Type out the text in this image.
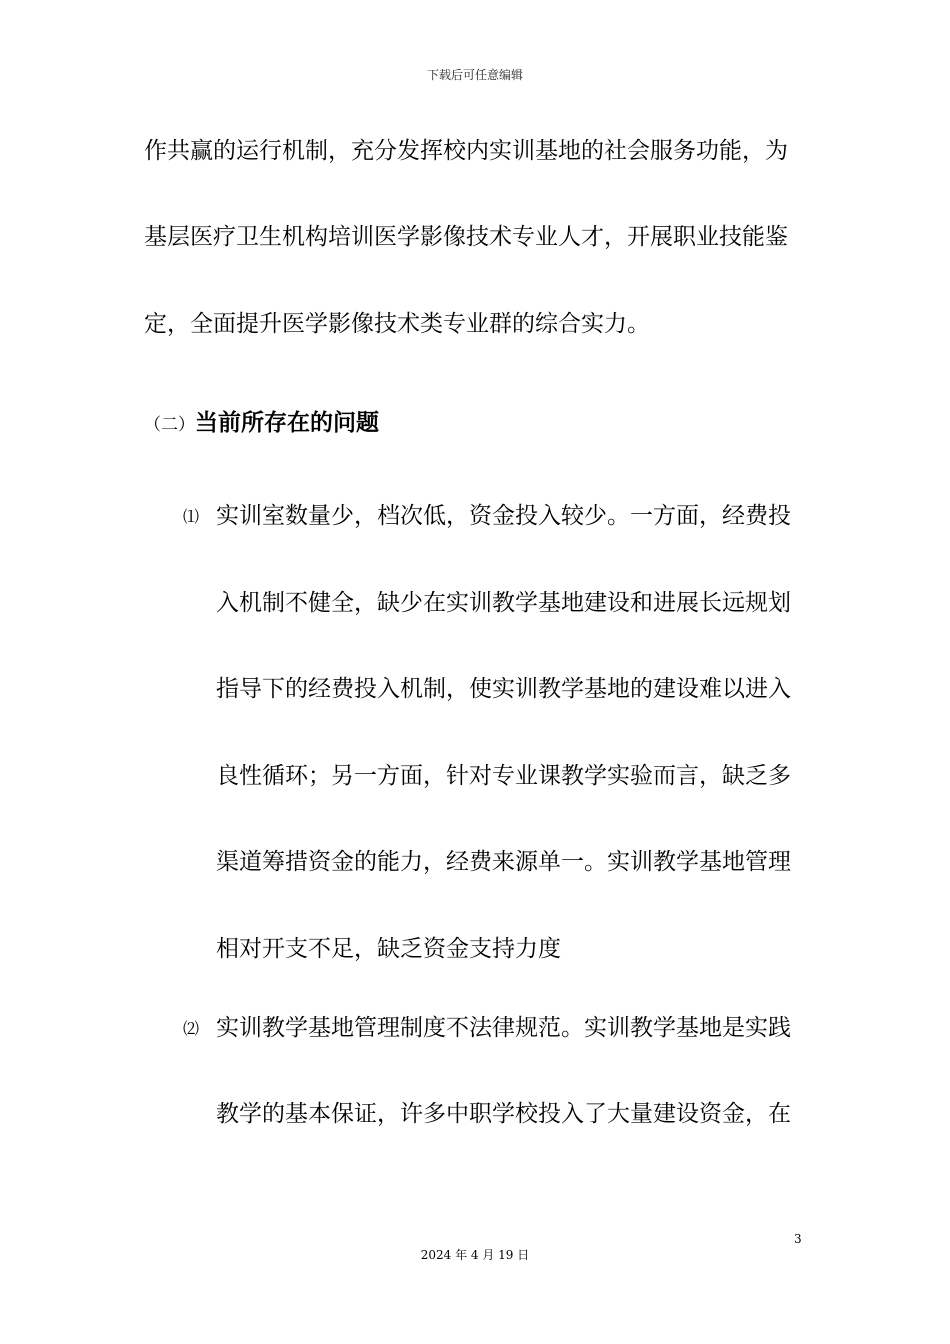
下载后可任意编辑
作共赢的运行机制，充分发挥校内实训基地的社会服务功能，为
基层医疗卫生机构培训医学影像技术专业人才，开展职业技能鉴
定，全面提升医学影像技术类专业群的综合实力。
（二）当前所存在的问题
⑴ 实训室数量少，档次低，资金投入较少。一方面，经费投
入机制不健全，缺少在实训教学基地建设和进展长远规划
指导下的经费投入机制，使实训教学基地的建设难以进入
良性循环；另一方面，针对专业课教学实验而言，缺乏多
渠道筹措资金的能力，经费来源单一。实训教学基地管理
相对开支不足，缺乏资金支持力度
⑵ 实训教学基地管理制度不法律规范。实训教学基地是实践
教学的基本保证，许多中职学校投入了大量建设资金，在
3
2024 年 4 月 19 日
